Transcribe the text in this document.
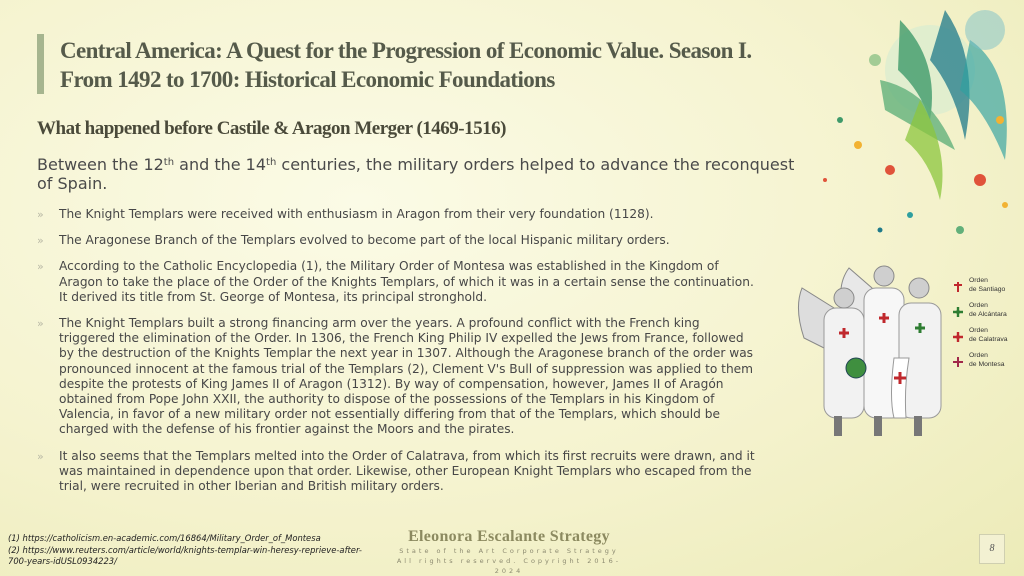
Central America: A Quest for the Progression of Economic Value. Season I.
From 1492 to 1700: Historical Economic Foundations
What happened before Castile & Aragon Merger (1469-1516)
Between the 12th and the 14th centuries, the military orders helped to advance the reconquest of Spain.
» The Knight Templars were received with enthusiasm in Aragon from their very foundation (1128).
» The Aragonese Branch of the Templars evolved to become part of the local Hispanic military orders.
» According to the Catholic Encyclopedia (1), the Military Order of Montesa was established in the Kingdom of Aragon to take the place of the Order of the Knights Templars, of which it was in a certain sense the continuation. It derived its title from St. George of Montesa, its principal stronghold.
» The Knight Templars built a strong financing arm over the years. A profound conflict with the French king triggered the elimination of the Order. In 1306, the French King Philip IV expelled the Jews from France, followed by the destruction of the Knights Templar the next year in 1307. Although the Aragonese branch of the order was pronounced innocent at the famous trial of the Templars (2), Clement V's Bull of suppression was applied to them despite the protests of King James II of Aragon (1312). By way of compensation, however, James II of Aragón obtained from Pope John XXII, the authority to dispose of the possessions of the Templars in his Kingdom of Valencia, in favor of a new military order not essentially differing from that of the Templars, which should be charged with the defense of his frontier against the Moors and the pirates.
» It also seems that the Templars melted into the Order of Calatrava, from which its first recruits were drawn, and it was maintained in dependence upon that order. Likewise, other European Knight Templars who escaped from the trial, were recruited in other Iberian and British military orders.
(1) https://catholicism.en-academic.com/16864/Military_Order_of_Montesa
(2) https://www.reuters.com/article/world/knights-templar-win-heresy-reprieve-after-700-years-idUSL0934223/
Eleonora Escalante Strategy
State of the Art Corporate Strategy
All rights reserved. Copyright 2016-2024
8
Orden
de Santiago
Orden
de Alcántara
Orden
de Calatrava
Orden
de Montesa
